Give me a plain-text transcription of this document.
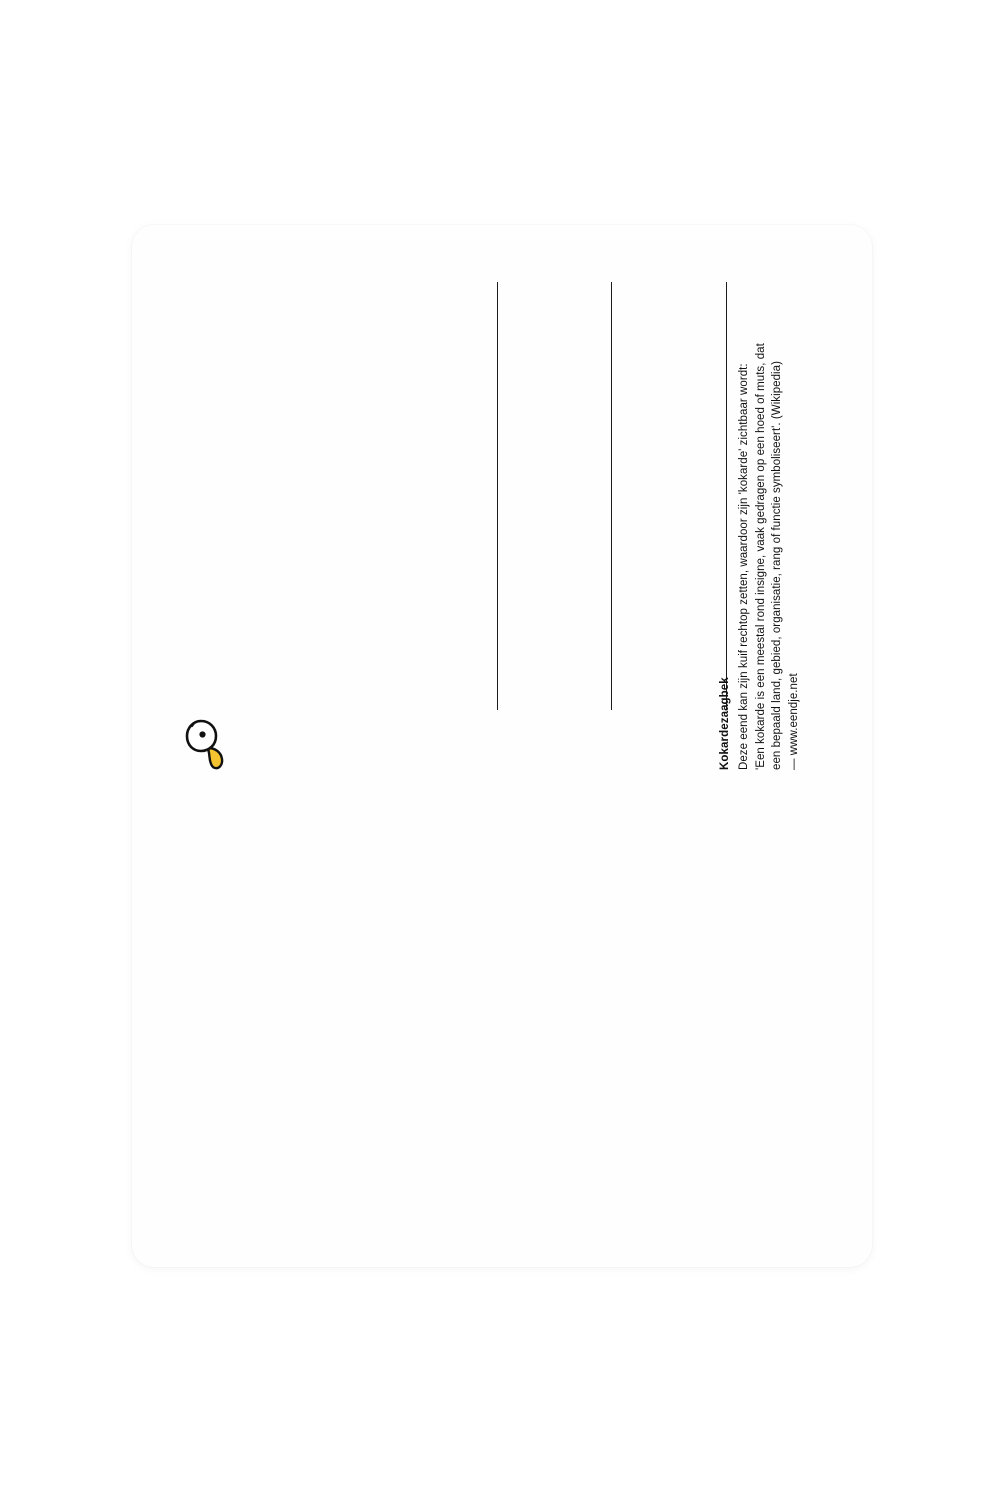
Kokardezaagbek Deze eend kan zijn kuif rechtop zetten, waardoor zijn 'kokarde' zichtbaar wordt: 'Een kokarde is een meestal rond insigne, vaak gedragen op een hoed of muts, dat een bepaald land, gebied, organisatie, rang of functie symboliseert'. (Wikipedia) — www.eendje.net
